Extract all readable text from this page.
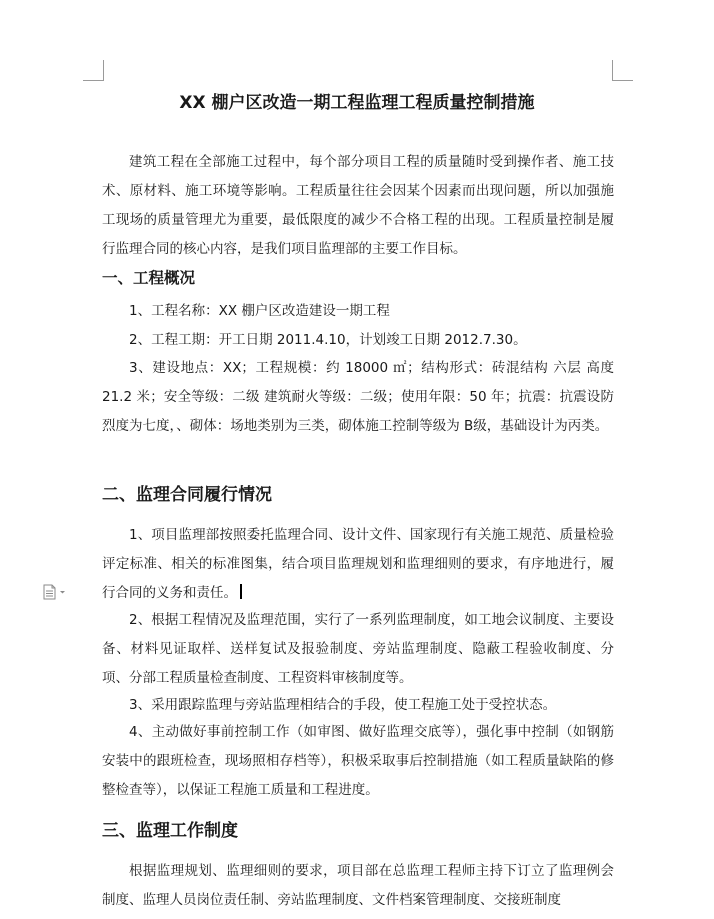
XX 棚户区改造一期工程监理工程质量控制措施

建筑工程在全部施工过程中，每个部分项目工程的质量随时受到操作者、施工技术、原材料、施工环境等影响。工程质量往往会因某个因素而出现问题，所以加强施工现场的质量管理尤为重要，最低限度的减少不合格工程的出现。工程质量控制是履行监理合同的核心内容，是我们项目监理部的主要工作目标。

一、工程概况

1、工程名称：XX 棚户区改造建设一期工程

2、工程工期：开工日期 2011.4.10，计划竣工日期 2012.7.30。

3、建设地点：XX；工程规模：约 18000 ㎡；结构形式：砖混结构 六层 高度21.2 米；安全等级：二级 建筑耐火等级：二级；使用年限：50 年；抗震：抗震设防烈度为七度，、砌体：场地类别为三类，砌体施工控制等级为 B级，基础设计为丙类。

二、监理合同履行情况

1、项目监理部按照委托监理合同、设计文件、国家现行有关施工规范、质量检验评定标准、相关的标准图集，结合项目监理规划和监理细则的要求，有序地进行，履行合同的义务和责任。

2、根据工程情况及监理范围，实行了一系列监理制度，如工地会议制度、主要设备、材料见证取样、送样复试及报验制度、旁站监理制度、隐蔽工程验收制度、分项、分部工程质量检查制度、工程资料审核制度等。

3、采用跟踪监理与旁站监理相结合的手段，使工程施工处于受控状态。

4、主动做好事前控制工作（如审图、做好监理交底等），强化事中控制（如钢筋安装中的跟班检查，现场照相存档等），积极采取事后控制措施（如工程质量缺陷的修整检查等），以保证工程施工质量和工程进度。

三、监理工作制度

根据监理规划、监理细则的要求，项目部在总监理工程师主持下订立了监理例会制度、监理人员岗位责任制、旁站监理制度、文件档案管理制度、交接班制度
